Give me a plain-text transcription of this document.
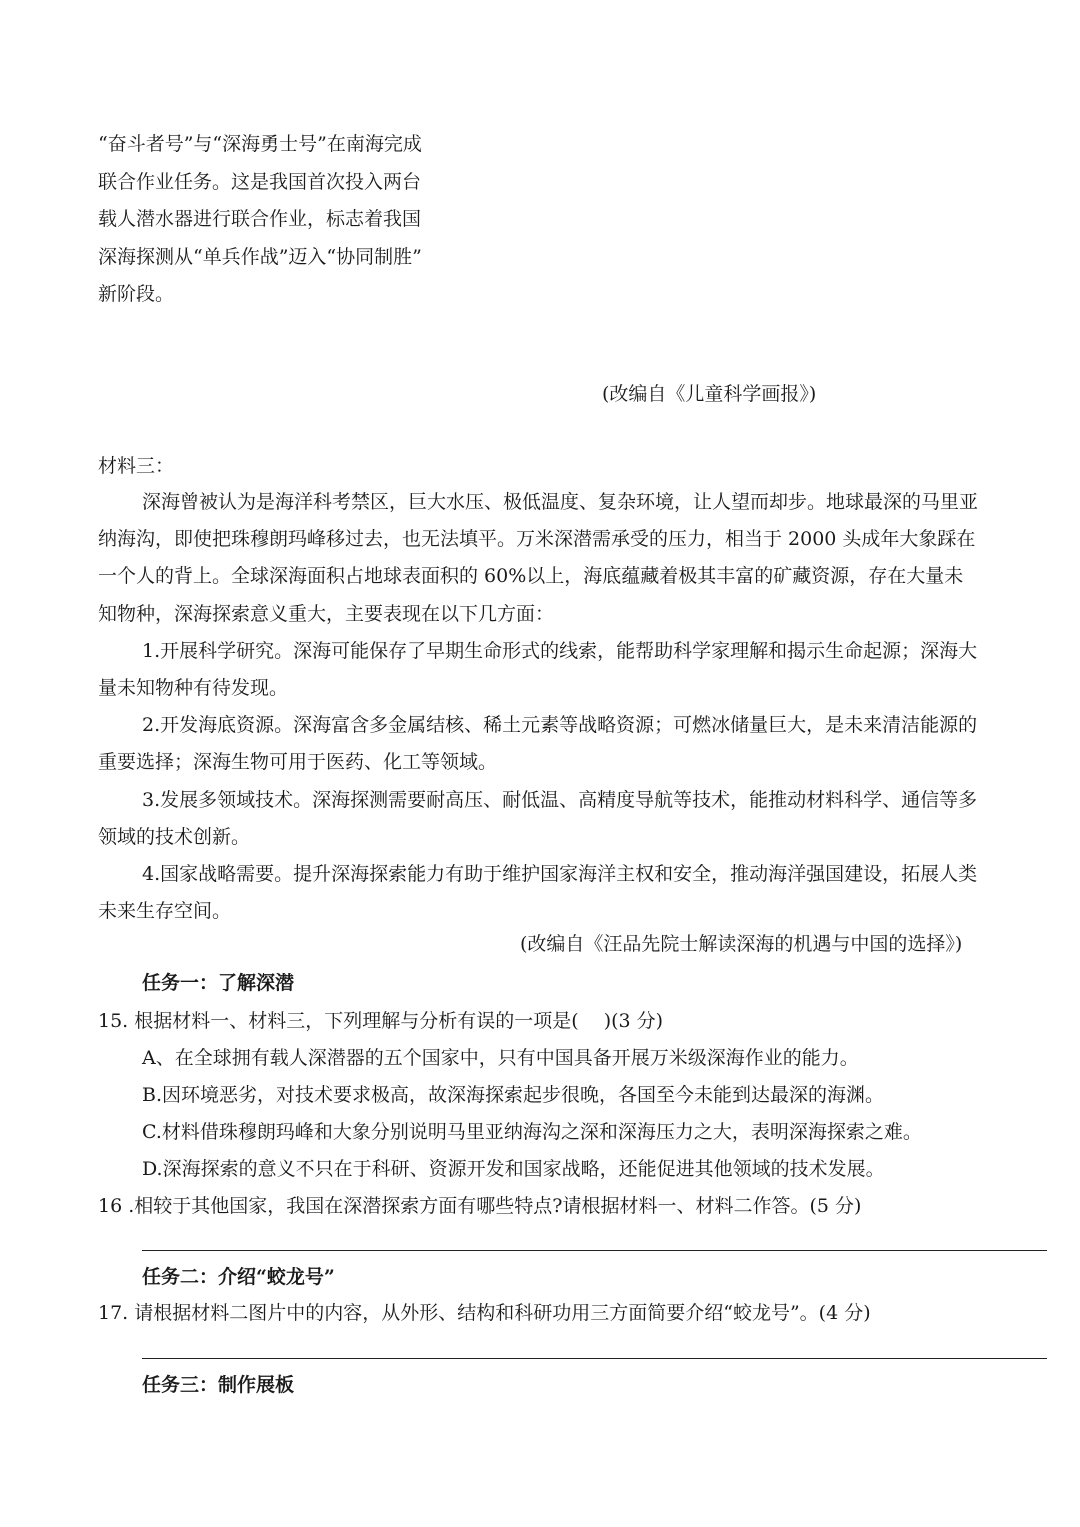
“奋斗者号”与“深海勇士号”在南海完成
联合作业任务。这是我国首次投入两台
载人潜水器进行联合作业，标志着我国
深海探测从“单兵作战”迈入“协同制胜”
新阶段。
(改编自《儿童科学画报》)
材料三：
深海曾被认为是海洋科考禁区，巨大水压、极低温度、复杂环境，让人望而却步。地球最深的马里亚
纳海沟，即使把珠穆朗玛峰移过去，也无法填平。万米深潜需承受的压力，相当于 2000 头成年大象踩在
一个人的背上。全球深海面积占地球表面积的 60%以上，海底蕴藏着极其丰富的矿藏资源，存在大量未
知物种，深海探索意义重大，主要表现在以下几方面：
1.开展科学研究。深海可能保存了早期生命形式的线索，能帮助科学家理解和揭示生命起源；深海大
量未知物种有待发现。
2.开发海底资源。深海富含多金属结核、稀土元素等战略资源；可燃冰储量巨大，是未来清洁能源的
重要选择；深海生物可用于医药、化工等领域。
3.发展多领域技术。深海探测需要耐高压、耐低温、高精度导航等技术，能推动材料科学、通信等多
领域的技术创新。
4.国家战略需要。提升深海探索能力有助于维护国家海洋主权和安全，推动海洋强国建设，拓展人类
未来生存空间。
(改编自《汪品先院士解读深海的机遇与中国的选择》)
任务一：了解深潜
15. 根据材料一、材料三，下列理解与分析有误的一项是(　 )(3 分)
A、在全球拥有载人深潜器的五个国家中，只有中国具备开展万米级深海作业的能力。
B.因环境恶劣，对技术要求极高，故深海探索起步很晚，各国至今未能到达最深的海渊。
C.材料借珠穆朗玛峰和大象分别说明马里亚纳海沟之深和深海压力之大，表明深海探索之难。
D.深海探索的意义不只在于科研、资源开发和国家战略，还能促进其他领域的技术发展。
16 .相较于其他国家，我国在深潜探索方面有哪些特点?请根据材料一、材料二作答。(5 分)
任务二：介绍“蛟龙号”
17. 请根据材料二图片中的内容，从外形、结构和科研功用三方面简要介绍“蛟龙号”。(4 分)
任务三：制作展板
